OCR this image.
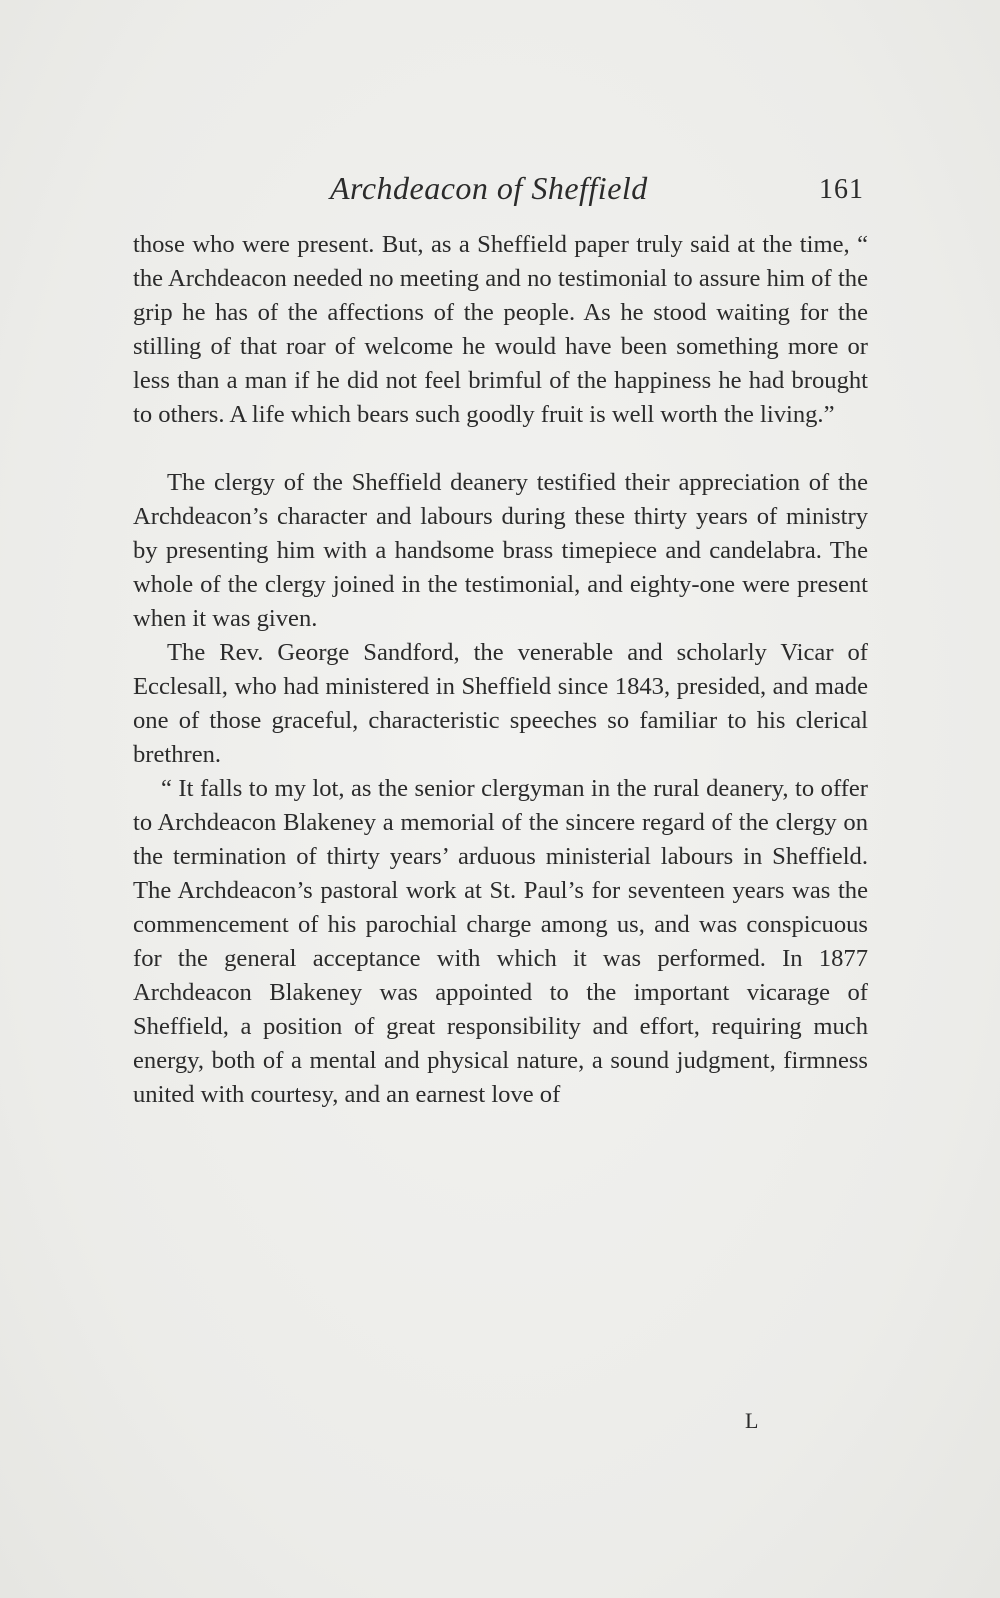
Archdeacon of Sheffield	161

those who were present. But, as a Sheffield paper truly said at the time, “ the Archdeacon needed no meeting and no testimonial to assure him of the grip he has of the affections of the people. As he stood waiting for the stilling of that roar of welcome he would have been something more or less than a man if he did not feel brimful of the happiness he had brought to others. A life which bears such goodly fruit is well worth the living.”

The clergy of the Sheffield deanery testified their appreciation of the Archdeacon’s character and labours during these thirty years of ministry by presenting him with a handsome brass timepiece and candelabra. The whole of the clergy joined in the testimonial, and eighty-one were present when it was given.

The Rev. George Sandford, the venerable and scholarly Vicar of Ecclesall, who had ministered in Sheffield since 1843, presided, and made one of those graceful, characteristic speeches so familiar to his clerical brethren.

“ It falls to my lot, as the senior clergyman in the rural deanery, to offer to Archdeacon Blakeney a memorial of the sincere regard of the clergy on the termination of thirty years’ arduous ministerial labours in Sheffield. The Archdeacon’s pastoral work at St. Paul’s for seventeen years was the commencement of his parochial charge among us, and was conspicuous for the general acceptance with which it was performed. In 1877 Archdeacon Blakeney was appointed to the important vicarage of Sheffield, a position of great responsibility and effort, requiring much energy, both of a mental and physical nature, a sound judgment, firmness united with courtesy, and an earnest love of

L
